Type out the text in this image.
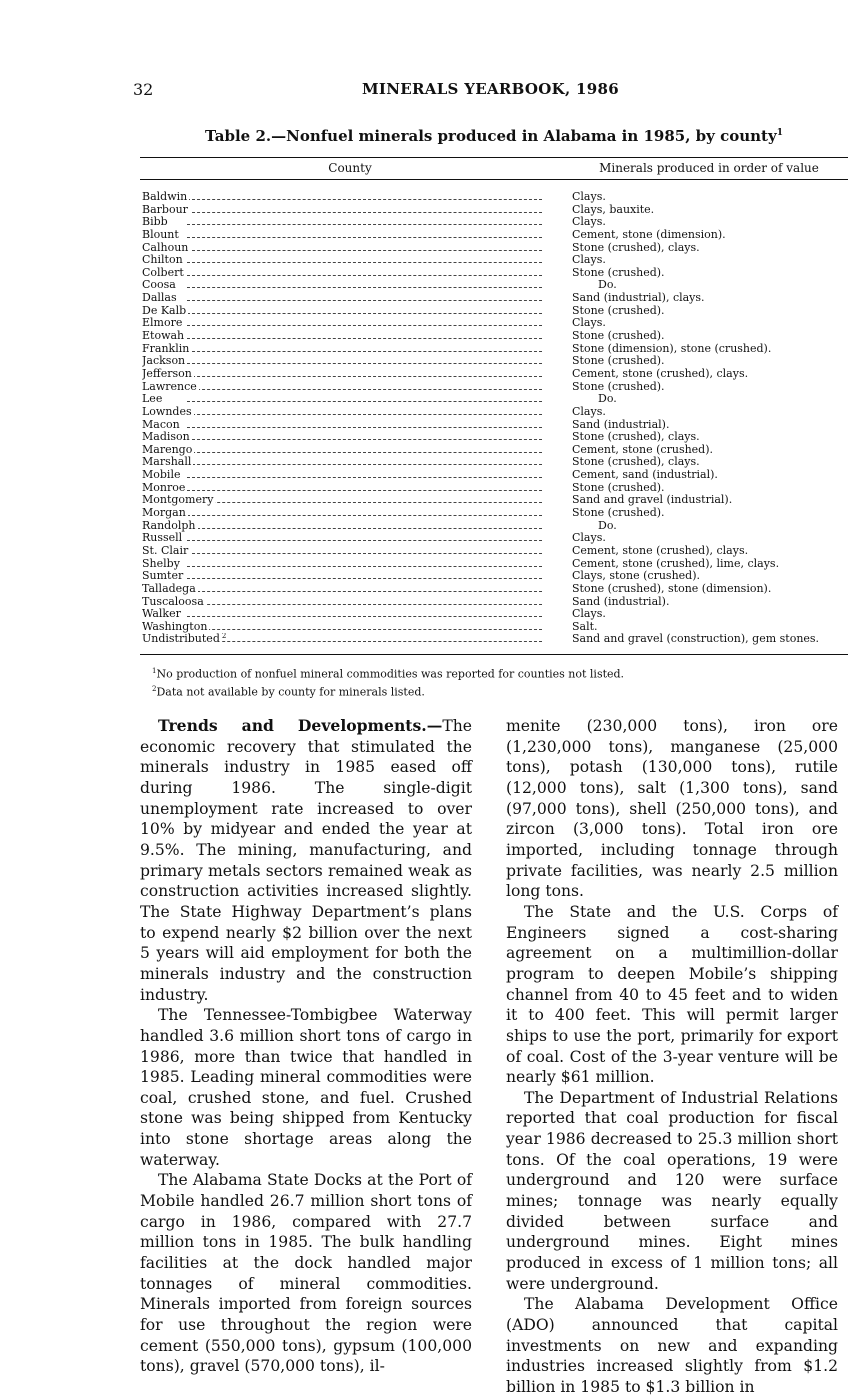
32	MINERALS YEARBOOK, 1986
Table 2.—Nonfuel minerals produced in Alabama in 1985, by county$^1$
County	Minerals produced in order of value
Baldwin	Clays.
Barbour	Clays, bauxite.
Bibb	Clays.
Blount	Cement, stone (dimension).
Calhoun	Stone (crushed), clays.
Chilton	Clays.
Colbert	Stone (crushed).
Coosa	Do.
Dallas	Sand (industrial), clays.
De Kalb	Stone (crushed).
Elmore	Clays.
Etowah	Stone (crushed).
Franklin	Stone (dimension), stone (crushed).
Jackson	Stone (crushed).
Jefferson	Cement, stone (crushed), clays.
Lawrence	Stone (crushed).
Lee	Do.
Lowndes	Clays.
Macon	Sand (industrial).
Madison	Stone (crushed), clays.
Marengo	Cement, stone (crushed).
Marshall	Stone (crushed), clays.
Mobile	Cement, sand (industrial).
Monroe	Stone (crushed).
Montgomery	Sand and gravel (industrial).
Morgan	Stone (crushed).
Randolph	Do.
Russell	Clays.
St. Clair	Cement, stone (crushed), clays.
Shelby	Cement, stone (crushed), lime, clays.
Sumter	Clays, stone (crushed).
Talladega	Stone (crushed), stone (dimension).
Tuscaloosa	Sand (industrial).
Walker	Clays.
Washington	Salt.
Undistributed $^2$	Sand and gravel (construction), gem stones.
$^1$No production of nonfuel mineral commodities was reported for counties not listed.
$^2$Data not available by county for minerals listed.

Trends and Developments.—The economic recovery that stimulated the minerals industry in 1985 eased off during 1986. The single-digit unemployment rate increased to over 10% by midyear and ended the year at 9.5%. The mining, manufacturing, and primary metals sectors remained weak as construction activities increased slightly. The State Highway Department’s plans to expend nearly $2 billion over the next 5 years will aid employment for both the minerals industry and the construction industry.

The Tennessee-Tombigbee Waterway handled 3.6 million short tons of cargo in 1986, more than twice that handled in 1985. Leading mineral commodities were coal, crushed stone, and fuel. Crushed stone was being shipped from Kentucky into stone shortage areas along the waterway.

The Alabama State Docks at the Port of Mobile handled 26.7 million short tons of cargo in 1986, compared with 27.7 million tons in 1985. The bulk handling facilities at the dock handled major tonnages of mineral commodities. Minerals imported from foreign sources for use throughout the region were cement (550,000 tons), gypsum (100,000 tons), gravel (570,000 tons), il-

menite (230,000 tons), iron ore (1,230,000 tons), manganese (25,000 tons), potash (130,000 tons), rutile (12,000 tons), salt (1,300 tons), sand (97,000 tons), shell (250,000 tons), and zircon (3,000 tons). Total iron ore imported, including tonnage through private facilities, was nearly 2.5 million long tons.

The State and the U.S. Corps of Engineers signed a cost-sharing agreement on a multimillion-dollar program to deepen Mobile’s shipping channel from 40 to 45 feet and to widen it to 400 feet. This will permit larger ships to use the port, primarily for export of coal. Cost of the 3-year venture will be nearly $61 million.

The Department of Industrial Relations reported that coal production for fiscal year 1986 decreased to 25.3 million short tons. Of the coal operations, 19 were underground and 120 were surface mines; tonnage was nearly equally divided between surface and underground mines. Eight mines produced in excess of 1 million tons; all were underground.

The Alabama Development Office (ADO) announced that capital investments on new and expanding industries increased slightly from $1.2 billion in 1985 to $1.3 billion in
